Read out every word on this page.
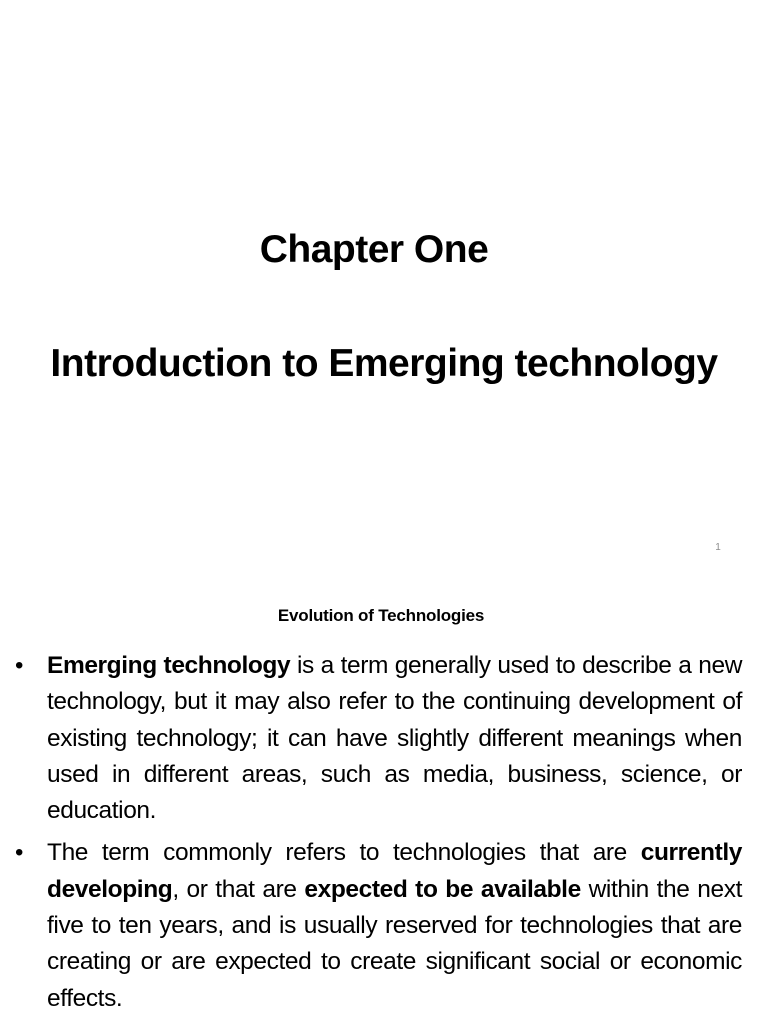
Chapter One
Introduction to Emerging technology
1
Evolution of Technologies
• Emerging technology is a term generally used to describe a new technology, but it may also refer to the continuing development of existing technology; it can have slightly different meanings when used in different areas, such as media, business, science, or education.
• The term commonly refers to technologies that are currently developing, or that are expected to be available within the next five to ten years, and is usually reserved for technologies that are creating or are expected to create significant social or economic effects.
